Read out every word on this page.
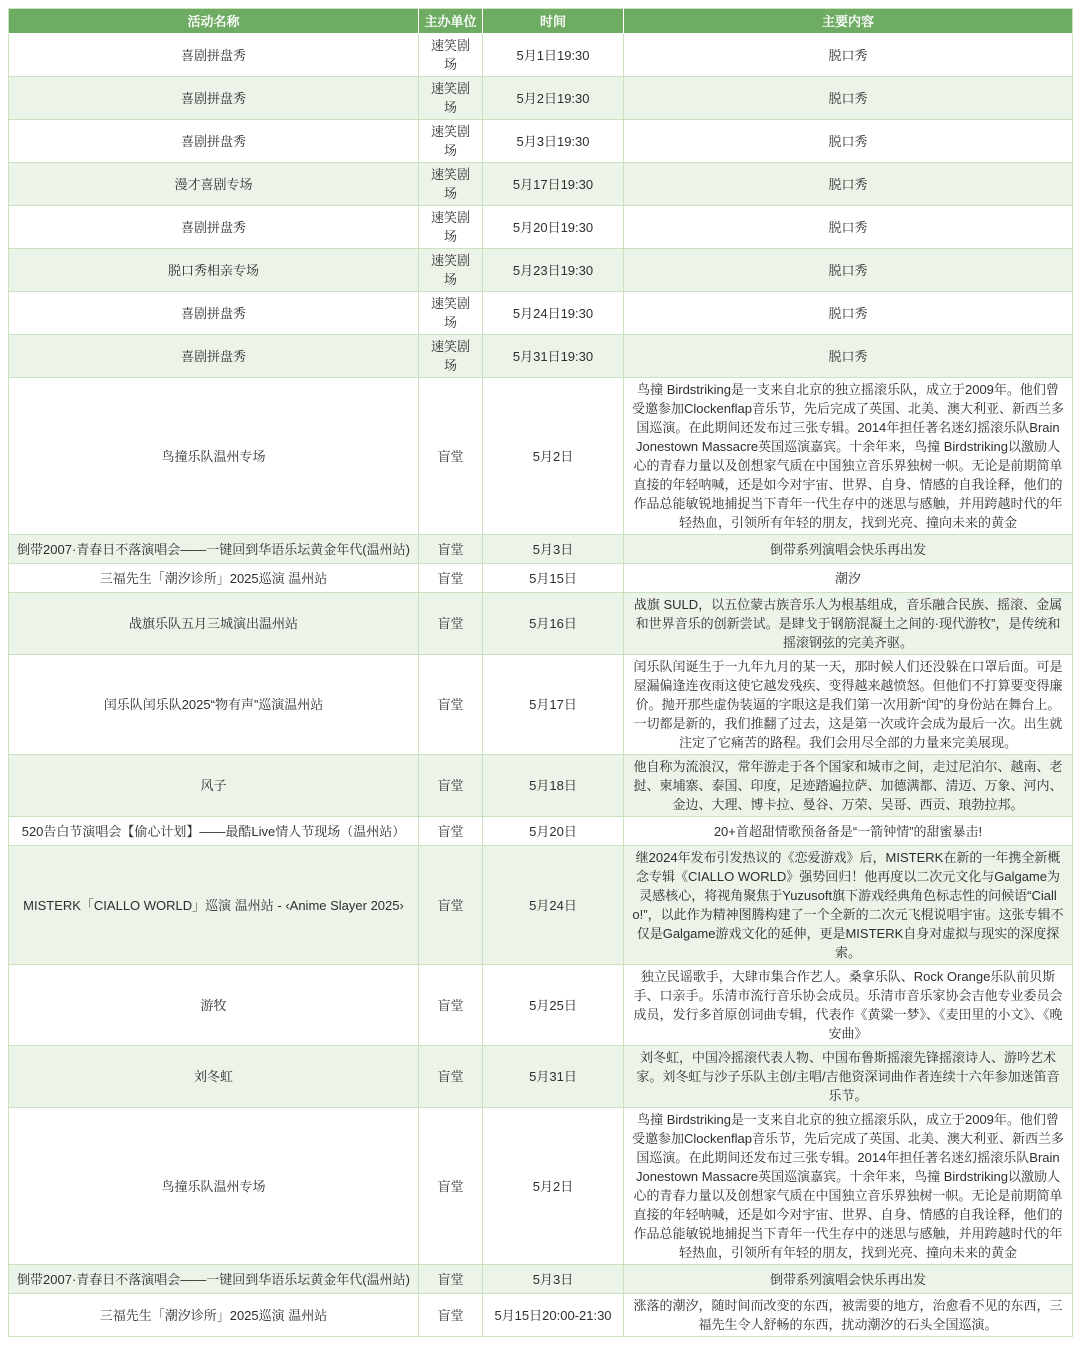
活动名称	主办单位	时间	主要内容

喜剧拼盘秀	速笑剧场	5月1日19:30	脱口秀

喜剧拼盘秀	速笑剧场	5月2日19:30	脱口秀

喜剧拼盘秀	速笑剧场	5月3日19:30	脱口秀

漫才喜剧专场	速笑剧场	5月17日19:30	脱口秀

喜剧拼盘秀	速笑剧场	5月20日19:30	脱口秀

脱口秀相亲专场	速笑剧场	5月23日19:30	脱口秀

喜剧拼盘秀	速笑剧场	5月24日19:30	脱口秀

喜剧拼盘秀	速笑剧场	5月31日19:30	脱口秀

鸟撞乐队温州专场	盲堂	5月2日	鸟撞 Birdstriking是一支来自北京的独立摇滚乐队，成立于2009年。他们曾受邀参加Clockenflap音乐节，先后完成了英国、北美、澳大利亚、新西兰多国巡演。在此期间还发布过三张专辑。2014年担任著名迷幻摇滚乐队Brain Jonestown Massacre英国巡演嘉宾。十余年来，鸟撞 Birdstriking以激励人心的青春力量以及创想家气质在中国独立音乐界独树一帜。无论是前期简单直接的年轻呐喊，还是如今对宇宙、世界、自身、情感的自我诠释，他们的作品总能敏锐地捕捉当下青年一代生存中的迷思与感触，并用跨越时代的年轻热血，引领所有年轻的朋友，找到光亮、撞向未来的黄金

倒带2007·青春日不落演唱会——一键回到华语乐坛黄金年代(温州站)	盲堂	5月3日	倒带系列演唱会快乐再出发

三福先生「潮汐诊所」2025巡演 温州站	盲堂	5月15日	潮汐

战旗乐队五月三城演出温州站	盲堂	5月16日	战旗 SULD，以五位蒙古族音乐人为根基组成，音乐融合民族、摇滚、金属和世界音乐的创新尝试。是肆戈于钢筋混凝土之间的·现代游牧”，是传统和摇滚钢弦的完美齐驱。

闰乐队闰乐队2025“物有声”巡演温州站	盲堂	5月17日	闰乐队闰诞生于一九年九月的某一天，那时候人们还没躲在口罩后面。可是屋漏偏逢连夜雨这使它越发残疾、变得越来越愤怒。但他们不打算要变得廉价。抛开那些虚伪装逼的字眼这是我们第一次用新“闰”的身份站在舞台上。一切都是新的，我们推翻了过去，这是第一次或许会成为最后一次。出生就注定了它痛苦的路程。我们会用尽全部的力量来完美展现。

风子	盲堂	5月18日	他自称为流浪汉，常年游走于各个国家和城市之间，走过尼泊尔、越南、老挝、柬埔寨、泰国、印度，足迹踏遍拉萨、加德满都、清迈、万象、河内、金边、大理、博卡拉、曼谷、万荣、吴哥、西贡、琅勃拉邦。

520告白节演唱会【偷心计划】——最酷Live情人节现场（温州站）	盲堂	5月20日	20+首超甜情歌预备备是“一箭钟情”的甜蜜暴击!

MISTERK「CIALLO WORLD」巡演 温州站 - ‹Anime Slayer 2025›	盲堂	5月24日	继2024年发布引发热议的《恋爱游戏》后，MISTERK在新的一年携全新概念专辑《CIALLO WORLD》强势回归！他再度以二次元文化与Galgame为灵感核心，将视角聚焦于Yuzusoft旗下游戏经典角色标志性的问候语“Ciallo!”，以此作为精神图腾构建了一个全新的二次元飞棍说唱宇宙。这张专辑不仅是Galgame游戏文化的延伸，更是MISTERK自身对虚拟与现实的深度探索。

游牧	盲堂	5月25日	独立民谣歌手，大肆市集合作艺人。桑拿乐队、Rock Orange乐队前贝斯手、口亲手。乐清市流行音乐协会成员。乐清市音乐家协会吉他专业委员会成员，发行多首原创词曲专辑，代表作《黄粱一梦》、《麦田里的小文》、《晚安曲》

刘冬虹	盲堂	5月31日	刘冬虹，中国冷摇滚代表人物、中国布鲁斯摇滚先锋摇滚诗人、游吟艺术家。刘冬虹与沙子乐队主创/主唱/吉他资深词曲作者连续十六年参加迷笛音乐节。

鸟撞乐队温州专场	盲堂	5月2日	鸟撞 Birdstriking是一支来自北京的独立摇滚乐队，成立于2009年。他们曾受邀参加Clockenflap音乐节，先后完成了英国、北美、澳大利亚、新西兰多国巡演。在此期间还发布过三张专辑。2014年担任著名迷幻摇滚乐队Brain Jonestown Massacre英国巡演嘉宾。十余年来，鸟撞 Birdstriking以激励人心的青春力量以及创想家气质在中国独立音乐界独树一帜。无论是前期简单直接的年轻呐喊，还是如今对宇宙、世界、自身、情感的自我诠释，他们的作品总能敏锐地捕捉当下青年一代生存中的迷思与感触，并用跨越时代的年轻热血，引领所有年轻的朋友，找到光亮、撞向未来的黄金

倒带2007·青春日不落演唱会——一键回到华语乐坛黄金年代(温州站)	盲堂	5月3日	倒带系列演唱会快乐再出发

三福先生「潮汐诊所」2025巡演 温州站	盲堂	5月15日20:00-21:30	涨落的潮汐，随时间而改变的东西，被需要的地方，治愈看不见的东西，三福先生令人舒畅的东西，扰动潮汐的石头全国巡演。
